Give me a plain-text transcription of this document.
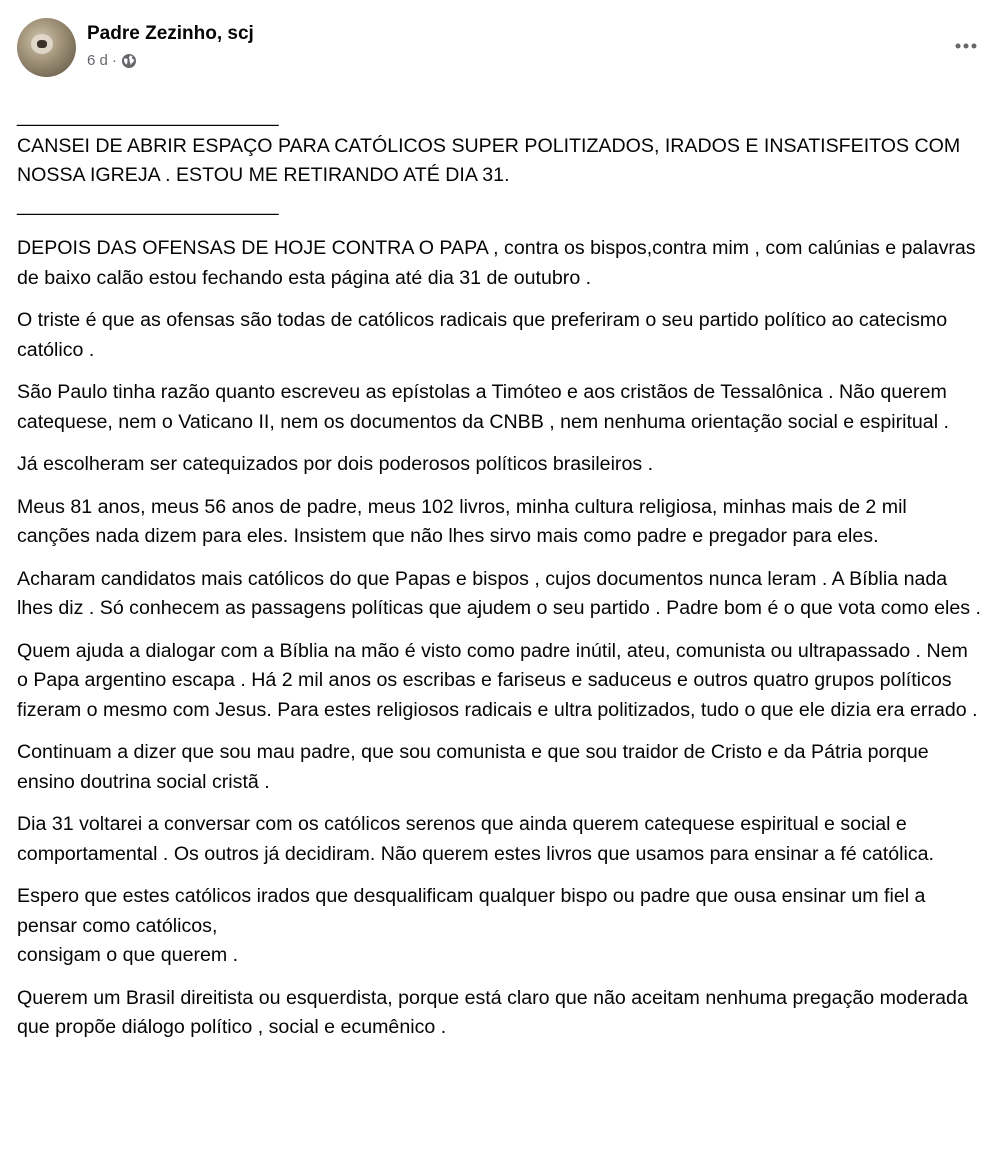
Padre Zezinho, scj
6 d ·

________________________

CANSEI DE ABRIR ESPAÇO PARA CATÓLICOS SUPER POLITIZADOS, IRADOS E INSATISFEITOS COM NOSSA IGREJA . ESTOU ME RETIRANDO ATÉ DIA 31.

________________________

DEPOIS DAS OFENSAS DE HOJE CONTRA O PAPA , contra os bispos,contra mim , com calúnias e palavras de baixo calão estou fechando esta página até dia 31 de outubro .

O triste é que as ofensas são todas de católicos radicais que preferiram o seu partido político ao catecismo católico .

São Paulo tinha razão quanto escreveu as epístolas a Timóteo e aos cristãos de Tessalônica . Não querem catequese, nem o Vaticano II, nem os documentos da CNBB , nem nenhuma orientação social e espiritual .

Já escolheram ser catequizados por dois poderosos políticos brasileiros .

Meus 81 anos, meus 56 anos de padre, meus 102 livros, minha cultura religiosa, minhas mais de 2 mil canções nada dizem para eles. Insistem que não lhes sirvo mais como padre e pregador para eles.

Acharam candidatos mais católicos do que Papas e bispos , cujos documentos nunca leram . A Bíblia nada lhes diz . Só conhecem as passagens políticas que ajudem o seu partido . Padre bom é o que vota como eles .

Quem ajuda a dialogar com a Bíblia na mão é visto como padre inútil, ateu, comunista ou ultrapassado . Nem o Papa argentino escapa . Há 2 mil anos os escribas e fariseus e saduceus e outros quatro grupos políticos fizeram o mesmo com Jesus. Para estes religiosos radicais e ultra politizados, tudo o que ele dizia era errado .

Continuam a dizer que sou mau padre, que sou comunista e que sou traidor de Cristo e da Pátria porque ensino doutrina social cristã .

Dia 31 voltarei a conversar com os católicos serenos que ainda querem catequese espiritual e social e comportamental . Os outros já decidiram. Não querem estes livros que usamos para ensinar a fé católica.

Espero que estes católicos irados que desqualificam qualquer bispo ou padre que ousa ensinar um fiel a pensar como católicos,
consigam o que querem .

Querem um Brasil direitista ou esquerdista, porque está claro que não aceitam nenhuma pregação moderada que propõe diálogo político , social e ecumênico .
